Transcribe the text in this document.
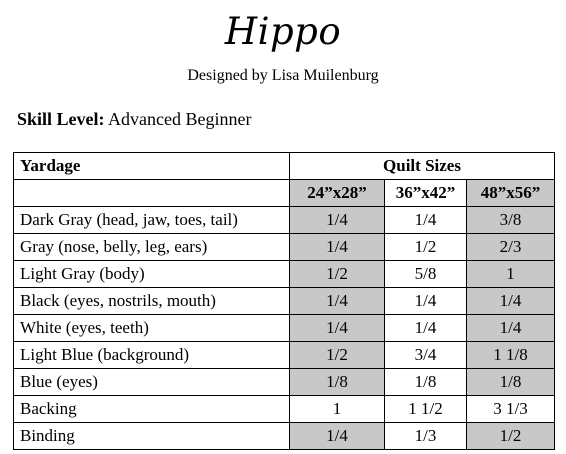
Hippo
Designed by Lisa Muilenburg
Skill Level: Advanced Beginner
Yardage	Quilt Sizes		
	24”x28”	36”x42”	48”x56”
Dark Gray (head, jaw, toes, tail)	1/4	1/4	3/8
Gray (nose, belly, leg, ears)	1/4	1/2	2/3
Light Gray (body)	1/2	5/8	1
Black (eyes, nostrils, mouth)	1/4	1/4	1/4
White (eyes, teeth)	1/4	1/4	1/4
Light Blue (background)	1/2	3/4	1 1/8
Blue (eyes)	1/8	1/8	1/8
Backing	1	1 1/2	3 1/3
Binding	1/4	1/3	1/2
